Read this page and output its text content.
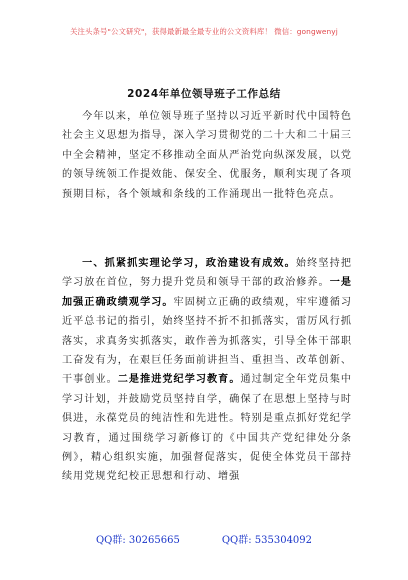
关注头条号"公文研究"，获得最新最全最专业的公文资料库！ 微信：gongwenyj
2024年单位领导班子工作总结

今年以来，单位领导班子坚持以习近平新时代中国特色社会主义思想为指导，深入学习贯彻党的二十大和二十届三中全会精神，坚定不移推动全面从严治党向纵深发展，以党的领导统领工作提效能、保安全、优服务，顺利实现了各项预期目标，各个领域和条线的工作涌现出一批特色亮点。

一、抓紧抓实理论学习，政治建设有成效。始终坚持把学习放在首位，努力提升党员和领导干部的政治修养。一是加强正确政绩观学习。牢固树立正确的政绩观，牢牢遵循习近平总书记的指引，始终坚持不折不扣抓落实，雷厉风行抓落实，求真务实抓落实，敢作善为抓落实，引导全体干部职工奋发有为，在艰巨任务面前讲担当、重担当、改革创新、干事创业。二是推进党纪学习教育。通过制定全年党员集中学习计划，并鼓励党员坚持自学，确保了在思想上坚持与时俱进，永葆党员的纯洁性和先进性。特别是重点抓好党纪学习教育，通过围绕学习新修订的《中国共产党纪律处分条例》，精心组织实施，加强督促落实，促使全体党员干部持续用党规党纪校正思想和行动、增强

QQ群: 30265665	QQ群: 535304092
